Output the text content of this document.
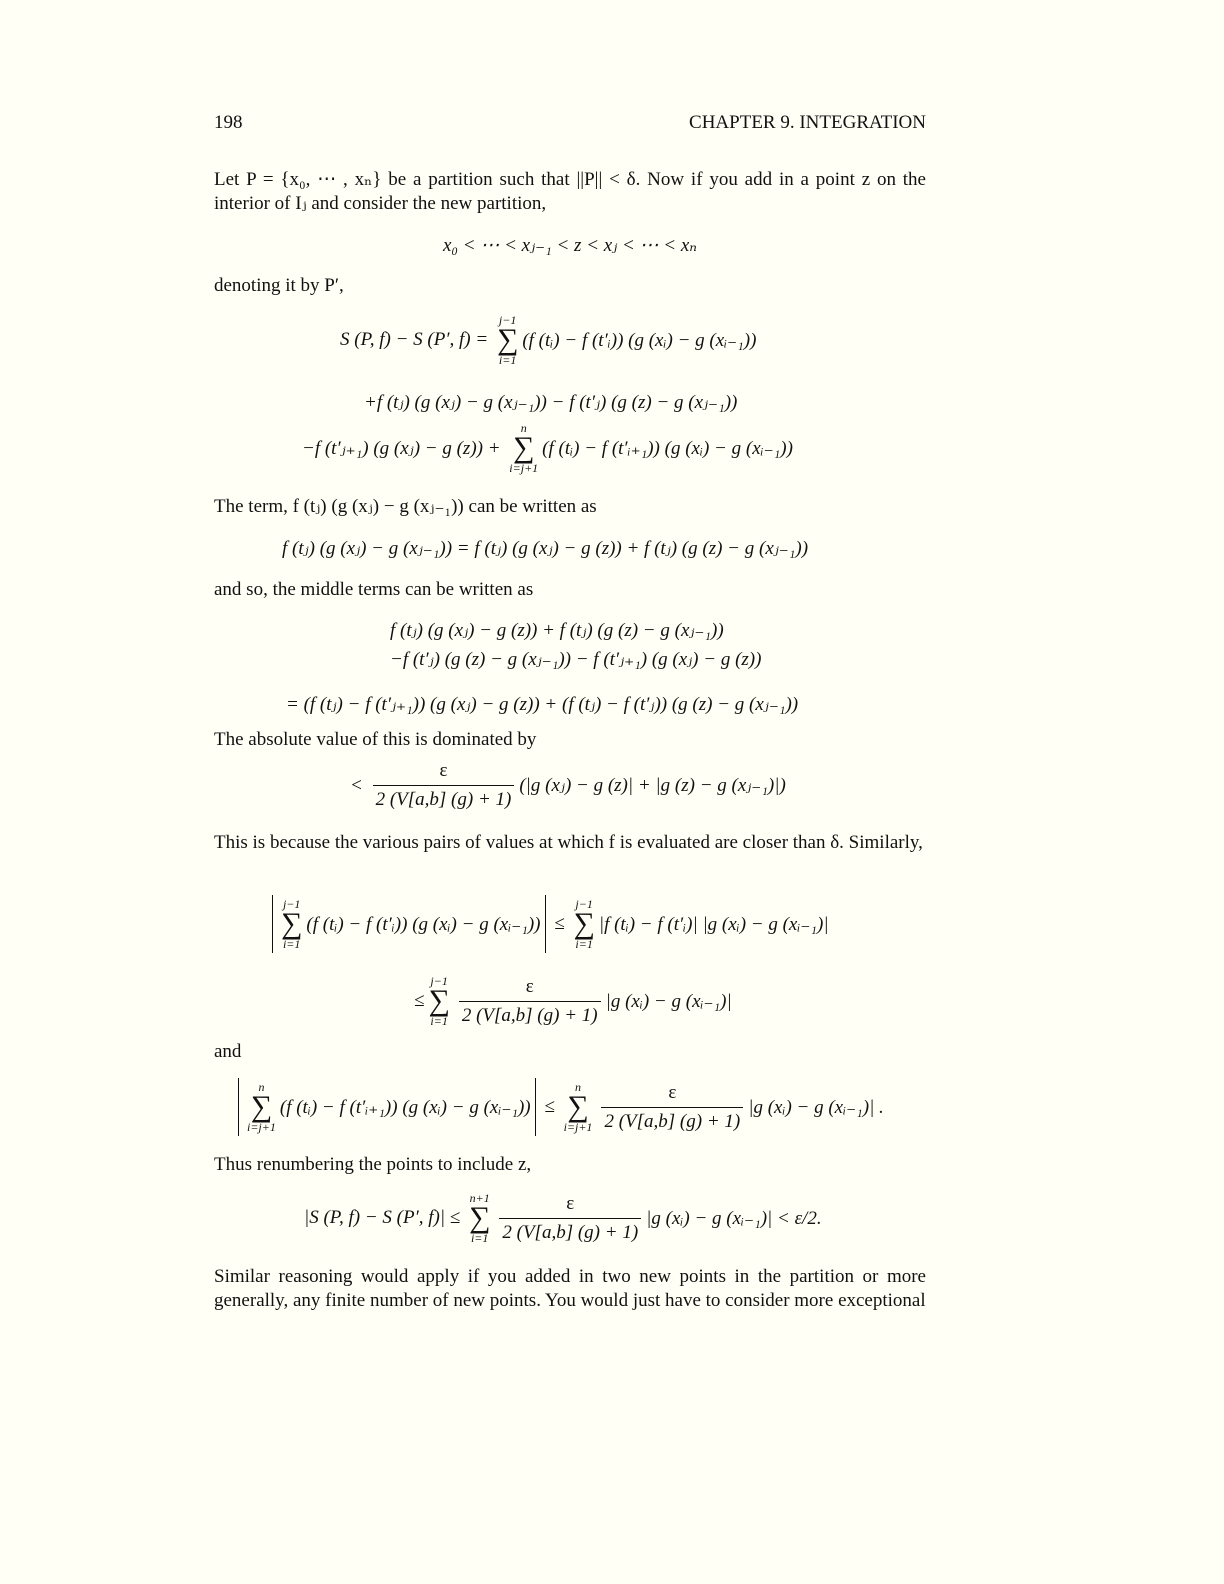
198	CHAPTER 9. INTEGRATION
Let P = {x₀, ⋯ , xₙ} be a partition such that ||P|| < δ. Now if you add in a point z on the interior of Iⱼ and consider the new partition,
x₀ < ⋯ < xⱼ₋₁ < z < xⱼ < ⋯ < xₙ
denoting it by P′,
S (P, f) − S (P′, f) =
j−1
∑
i=1
(f (tᵢ) − f (t′ᵢ)) (g (xᵢ) − g (xᵢ₋₁))
+f (tⱼ) (g (xⱼ) − g (xⱼ₋₁)) − f (t′ⱼ) (g (z) − g (xⱼ₋₁))
−f (t′ⱼ₊₁) (g (xⱼ) − g (z)) +
n
∑
i=j+1
(f (tᵢ) − f (t′ᵢ₊₁)) (g (xᵢ) − g (xᵢ₋₁))
The term, f (tⱼ) (g (xⱼ) − g (xⱼ₋₁)) can be written as
f (tⱼ) (g (xⱼ) − g (xⱼ₋₁)) = f (tⱼ) (g (xⱼ) − g (z)) + f (tⱼ) (g (z) − g (xⱼ₋₁))
and so, the middle terms can be written as
f (tⱼ) (g (xⱼ) − g (z)) + f (tⱼ) (g (z) − g (xⱼ₋₁))
−f (t′ⱼ) (g (z) − g (xⱼ₋₁)) − f (t′ⱼ₊₁) (g (xⱼ) − g (z))
= (f (tⱼ) − f (t′ⱼ₊₁)) (g (xⱼ) − g (z)) + (f (tⱼ) − f (t′ⱼ)) (g (z) − g (xⱼ₋₁))
The absolute value of this is dominated by
< $\frac{\varepsilon}{2 (V[a,b] (g) + 1)} (|g$ (xⱼ) − g (z)| + |g (z) − g (xⱼ₋₁)|)
This is because the various pairs of values at which f is evaluated are closer than δ. Similarly,
j−1
∑
i=1
(f (tᵢ) − f (t′ᵢ)) (g (xᵢ) − g (xᵢ₋₁)) ≤
j−1
∑
i=1
|f (tᵢ) − f (t′ᵢ)| |g (xᵢ) − g (xᵢ₋₁)|
≤
j−1
∑
$i=1 \frac{\varepsilon}{2 (V[a,b] (g) + 1)} |g$ (xᵢ) − g (xᵢ₋₁)|
and
n
∑
i=j+1
(f (tᵢ) − f (t′ᵢ₊₁)) (g (xᵢ) − g (xᵢ₋₁)) ≤
n
∑
$i=j+1 \frac{\varepsilon}{2 (V[a,b] (g) + 1)} |g$ (xᵢ) − g (xᵢ₋₁)| .
Thus renumbering the points to include z,
|S (P, f) − S (P′, f)| ≤
n+1
∑
$i=1 \frac{\varepsilon}{2 (V[a,b] (g) + 1)} |g$ (xᵢ) − g (xᵢ₋₁)| < ε/2.
Similar reasoning would apply if you added in two new points in the partition or more generally, any finite number of new points. You would just have to consider more exceptional
